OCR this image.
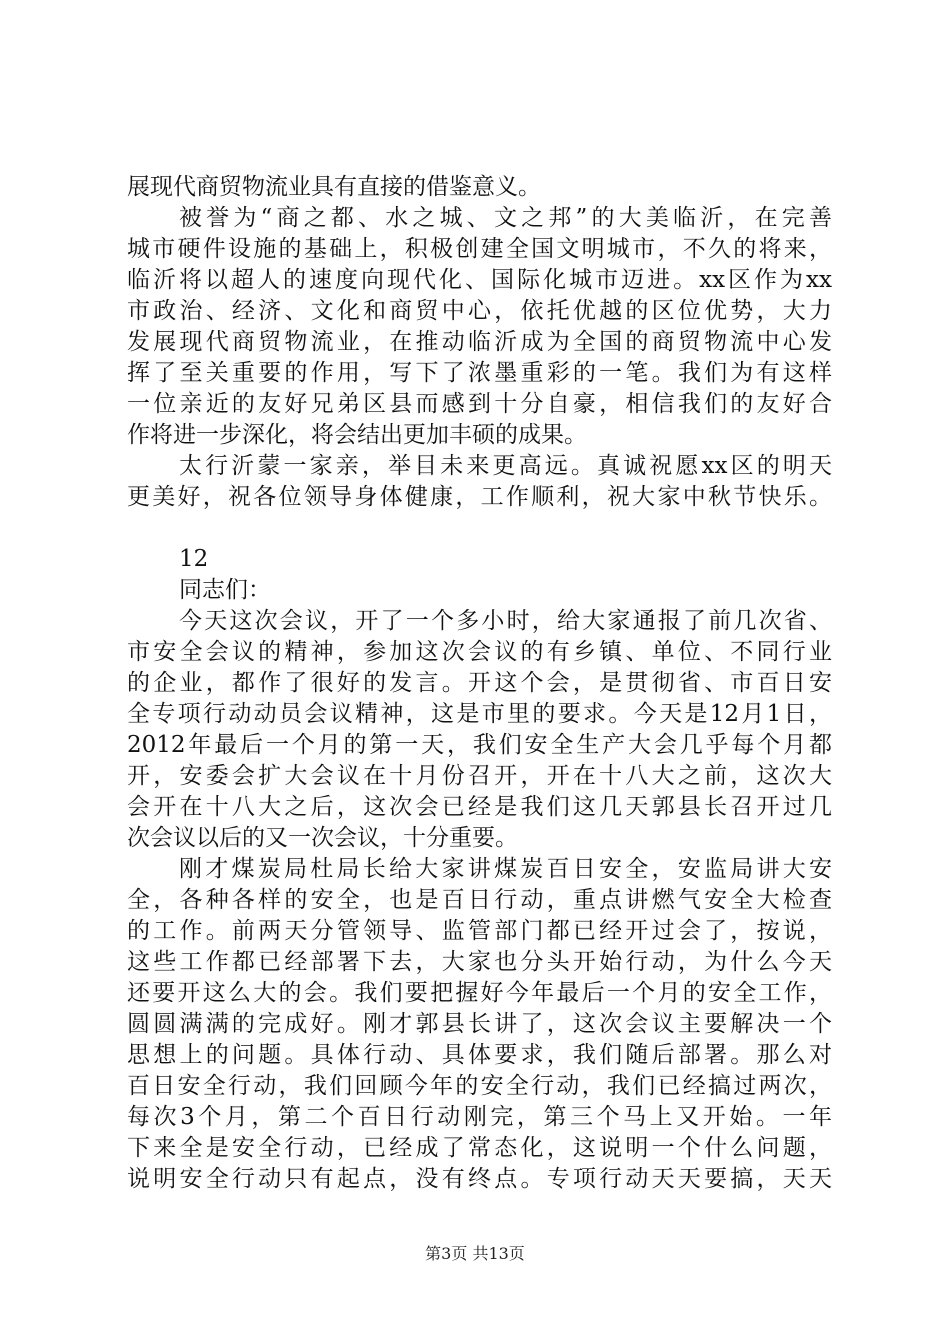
展现代商贸物流业具有直接的借鉴意义。
被誉为“商之都、水之城、文之邦”的大美临沂，在完善
城市硬件设施的基础上，积极创建全国文明城市，不久的将来，
临沂将以超人的速度向现代化、国际化城市迈进。xx区作为xx
市政治、经济、文化和商贸中心，依托优越的区位优势，大力
发展现代商贸物流业，在推动临沂成为全国的商贸物流中心发
挥了至关重要的作用，写下了浓墨重彩的一笔。我们为有这样
一位亲近的友好兄弟区县而感到十分自豪，相信我们的友好合
作将进一步深化，将会结出更加丰硕的成果。
太行沂蒙一家亲，举目未来更高远。真诚祝愿xx区的明天
更美好，祝各位领导身体健康，工作顺利，祝大家中秋节快乐。
12
同志们：
今天这次会议，开了一个多小时，给大家通报了前几次省、
市安全会议的精神，参加这次会议的有乡镇、单位、不同行业
的企业，都作了很好的发言。开这个会，是贯彻省、市百日安
全专项行动动员会议精神，这是市里的要求。今天是12月1日，
2012年最后一个月的第一天，我们安全生产大会几乎每个月都
开，安委会扩大会议在十月份召开，开在十八大之前，这次大
会开在十八大之后，这次会已经是我们这几天郭县长召开过几
次会议以后的又一次会议，十分重要。
刚才煤炭局杜局长给大家讲煤炭百日安全，安监局讲大安
全，各种各样的安全，也是百日行动，重点讲燃气安全大检查
的工作。前两天分管领导、监管部门都已经开过会了，按说，
这些工作都已经部署下去，大家也分头开始行动，为什么今天
还要开这么大的会。我们要把握好今年最后一个月的安全工作，
圆圆满满的完成好。刚才郭县长讲了，这次会议主要解决一个
思想上的问题。具体行动、具体要求，我们随后部署。那么对
百日安全行动，我们回顾今年的安全行动，我们已经搞过两次，
每次3个月，第二个百日行动刚完，第三个马上又开始。一年
下来全是安全行动，已经成了常态化，这说明一个什么问题，
说明安全行动只有起点，没有终点。专项行动天天要搞，天天
第3页 共13页
